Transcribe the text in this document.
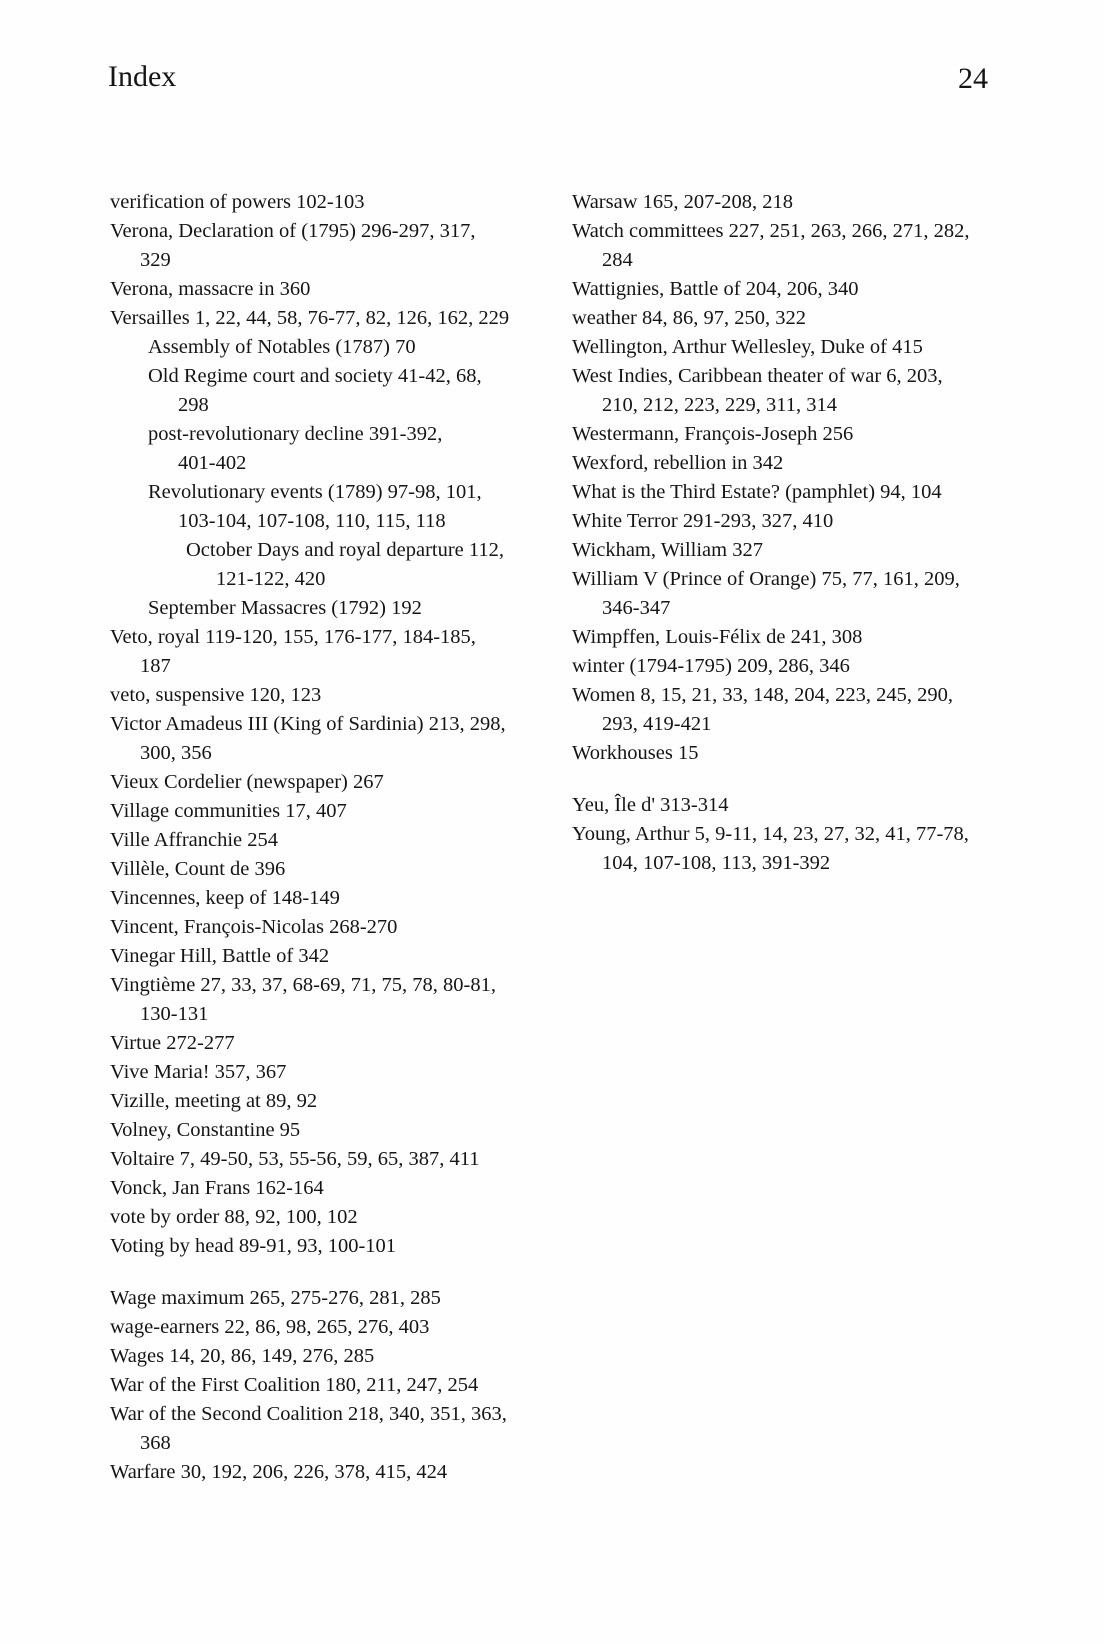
Index	24
verification of powers 102-103
Verona, Declaration of (1795) 296-297, 317,
329
Verona, massacre in 360
Versailles 1, 22, 44, 58, 76-77, 82, 126, 162, 229
Assembly of Notables (1787) 70
Old Regime court and society 41-42, 68,
298
post-revolutionary decline 391-392,
401-402
Revolutionary events (1789) 97-98, 101,
103-104, 107-108, 110, 115, 118
October Days and royal departure 112,
121-122, 420
September Massacres (1792) 192
Veto, royal 119-120, 155, 176-177, 184-185,
187
veto, suspensive 120, 123
Victor Amadeus III (King of Sardinia) 213, 298,
300, 356
Vieux Cordelier (newspaper) 267
Village communities 17, 407
Ville Affranchie 254
Villèle, Count de 396
Vincennes, keep of 148-149
Vincent, François-Nicolas 268-270
Vinegar Hill, Battle of 342
Vingtième 27, 33, 37, 68-69, 71, 75, 78, 80-81,
130-131
Virtue 272-277
Vive Maria! 357, 367
Vizille, meeting at 89, 92
Volney, Constantine 95
Voltaire 7, 49-50, 53, 55-56, 59, 65, 387, 411
Vonck, Jan Frans 162-164
vote by order 88, 92, 100, 102
Voting by head 89-91, 93, 100-101
Wage maximum 265, 275-276, 281, 285
wage-earners 22, 86, 98, 265, 276, 403
Wages 14, 20, 86, 149, 276, 285
War of the First Coalition 180, 211, 247, 254
War of the Second Coalition 218, 340, 351, 363,
368
Warfare 30, 192, 206, 226, 378, 415, 424
Warsaw 165, 207-208, 218
Watch committees 227, 251, 263, 266, 271, 282,
284
Wattignies, Battle of 204, 206, 340
weather 84, 86, 97, 250, 322
Wellington, Arthur Wellesley, Duke of 415
West Indies, Caribbean theater of war 6, 203,
210, 212, 223, 229, 311, 314
Westermann, François-Joseph 256
Wexford, rebellion in 342
What is the Third Estate? (pamphlet) 94, 104
White Terror 291-293, 327, 410
Wickham, William 327
William V (Prince of Orange) 75, 77, 161, 209,
346-347
Wimpffen, Louis-Félix de 241, 308
winter (1794-1795) 209, 286, 346
Women 8, 15, 21, 33, 148, 204, 223, 245, 290,
293, 419-421
Workhouses 15
Yeu, Île d' 313-314
Young, Arthur 5, 9-11, 14, 23, 27, 32, 41, 77-78,
104, 107-108, 113, 391-392
